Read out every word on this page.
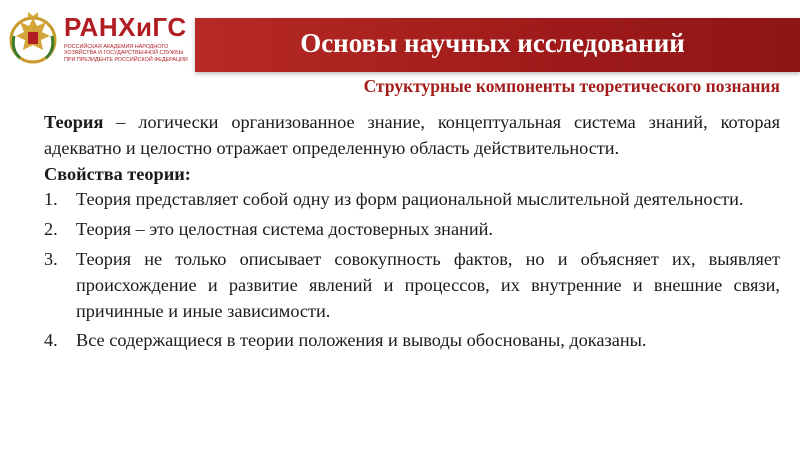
РАНХиГС
РОССИЙСКАЯ АКАДЕМИЯ НАРОДНОГО ХОЗЯЙСТВА И ГОСУДАРСТВЕННОЙ СЛУЖБЫ ПРИ ПРЕЗИДЕНТЕ РОССИЙСКОЙ ФЕДЕРАЦИИ
Основы научных исследований
Структурные компоненты теоретического познания

Теория – логически организованное знание, концептуальная система знаний, которая адекватно и целостно отражает определенную область действительности.

Свойства теории:

1. Теория представляет собой одну из форм рациональной мыслительной деятельности.
2. Теория – это целостная система достоверных знаний.
3. Теория не только описывает совокупность фактов, но и объясняет их, выявляет происхождение и развитие явлений и процессов, их внутренние и внешние связи, причинные и иные зависимости.
4. Все содержащиеся в теории положения и выводы обоснованы, доказаны.
